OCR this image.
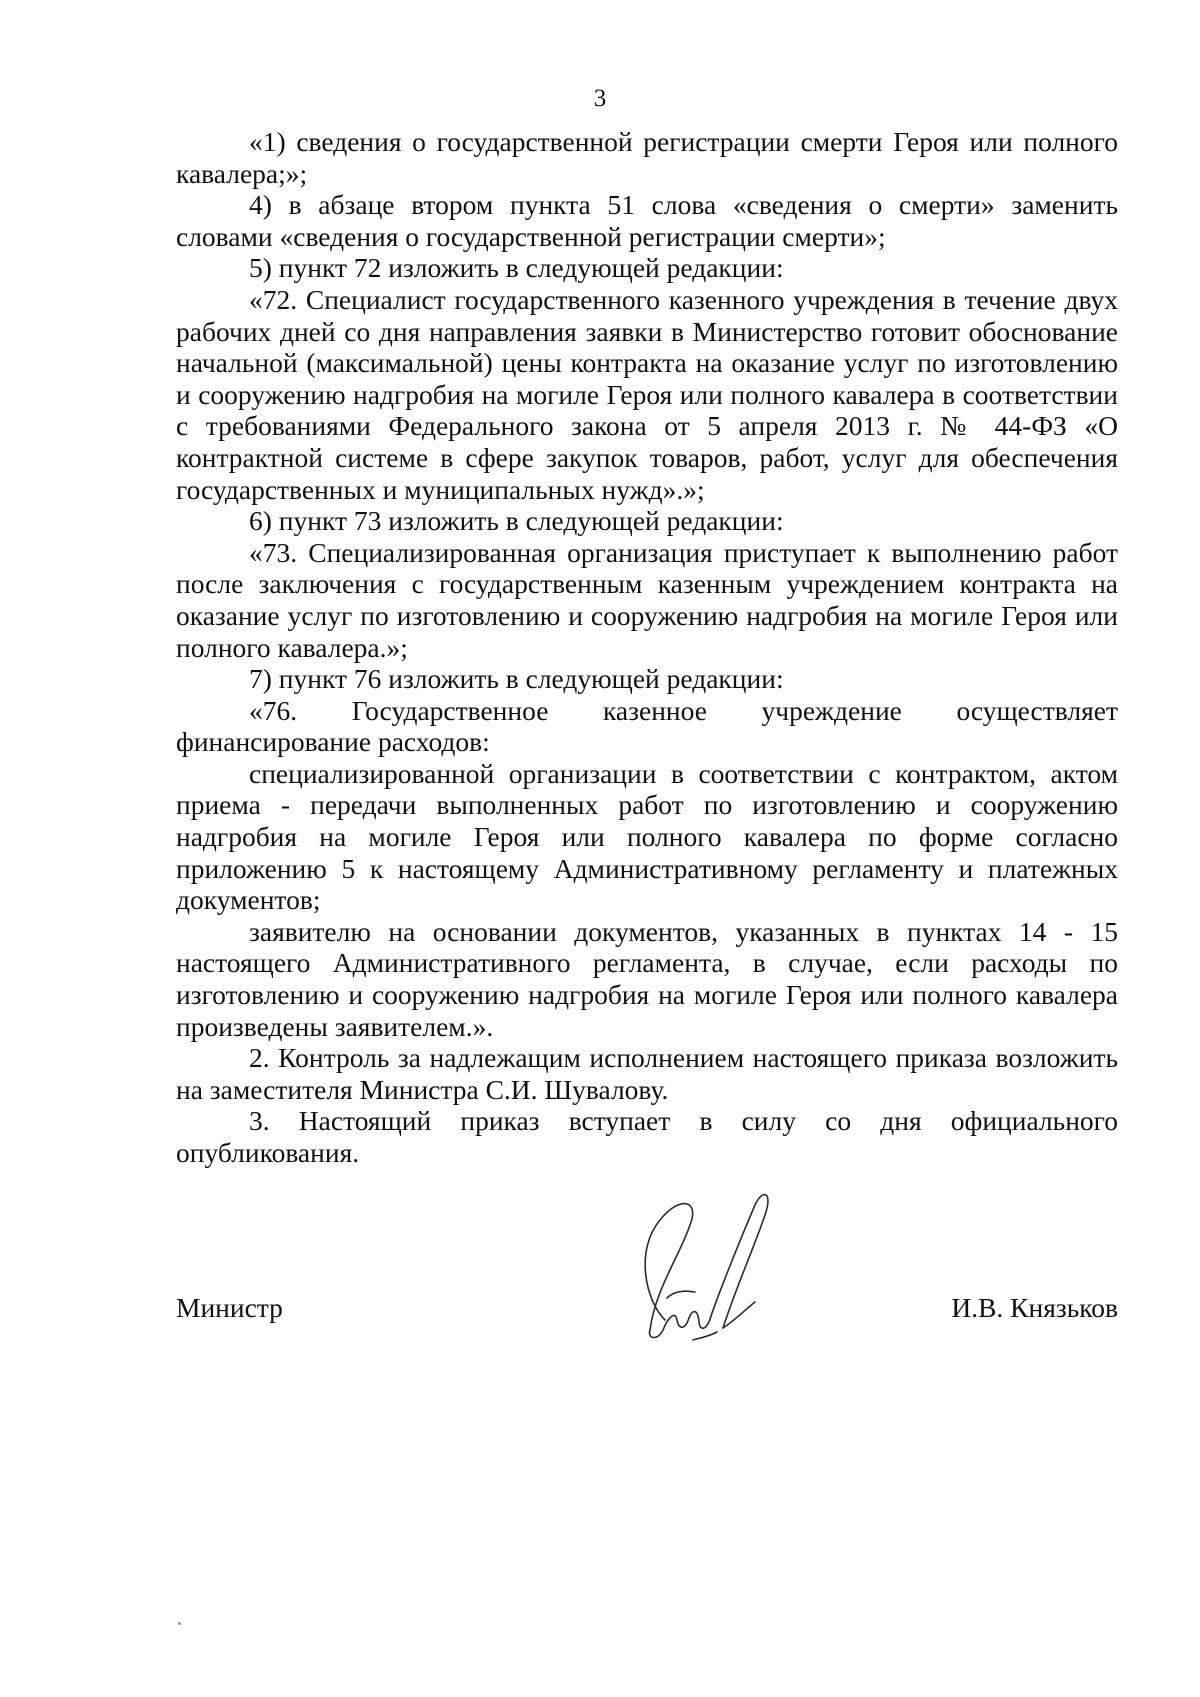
3

«1) сведения о государственной регистрации смерти Героя или полного кавалера;»;

4) в абзаце втором пункта 51 слова «сведения о смерти» заменить словами «сведения о государственной регистрации смерти»;

5) пункт 72 изложить в следующей редакции:

«72. Специалист государственного казенного учреждения в течение двух рабочих дней со дня направления заявки в Министерство готовит обоснование начальной (максимальной) цены контракта на оказание услуг по изготовлению и сооружению надгробия на могиле Героя или полного кавалера в соответствии с требованиями Федерального закона от 5 апреля 2013 г. № 44-ФЗ «О контрактной системе в сфере закупок товаров, работ, услуг для обеспечения государственных и муниципальных нужд».»;

6) пункт 73 изложить в следующей редакции:

«73. Специализированная организация приступает к выполнению работ после заключения с государственным казенным учреждением контракта на оказание услуг по изготовлению и сооружению надгробия на могиле Героя или полного кавалера.»;

7) пункт 76 изложить в следующей редакции:

«76. Государственное казенное учреждение осуществляет финансирование расходов:

специализированной организации в соответствии с контрактом, актом приема - передачи выполненных работ по изготовлению и сооружению надгробия на могиле Героя или полного кавалера по форме согласно приложению 5 к настоящему Административному регламенту и платежных документов;

заявителю на основании документов, указанных в пунктах 14 - 15 настоящего Административного регламента, в случае, если расходы по изготовлению и сооружению надгробия на могиле Героя или полного кавалера произведены заявителем.».

2. Контроль за надлежащим исполнением настоящего приказа возложить на заместителя Министра С.И. Шувалову.

3. Настоящий приказ вступает в силу со дня официального опубликования.

Министр	И.В. Князьков
